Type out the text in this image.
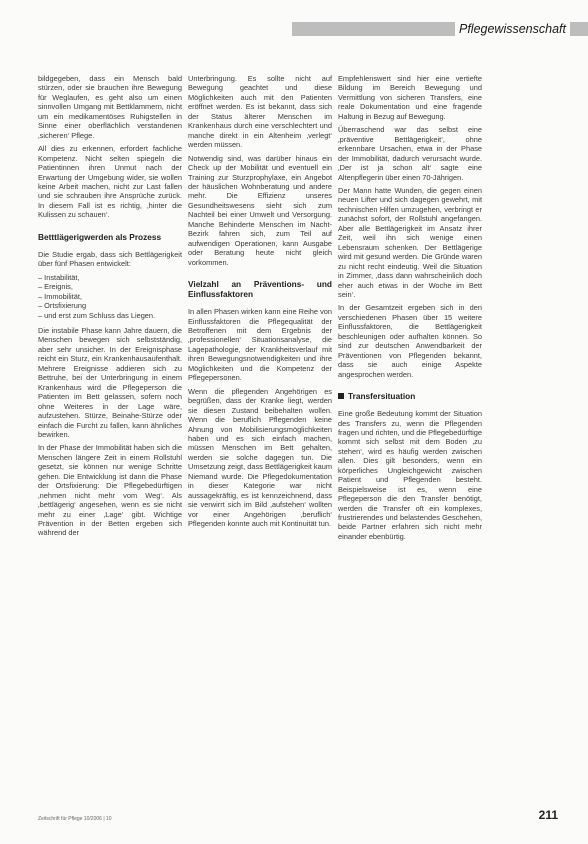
Pflegewissenschaft

bildgegeben, dass ein Mensch bald stürzen, oder sie brauchen ihre Bewegung für Weglaufen, es geht also um einen sinnvollen Umgang mit Bettklammern, nicht um ein medikamentöses Ruhigstellen in Sinne einer oberflächlich verstandenen ‚sicheren‘ Pflege.

All dies zu erkennen, erfordert fachliche Kompetenz. Nicht selten spiegeln die Patientinnen ihren Unmut nach der Erwartung der Umgebung wider, sie wollen keine Arbeit machen, nicht zur Last fallen und sie schrauben ihre Ansprüche zurück. In diesem Fall ist es richtig, ‚hinter die Kulissen zu schauen‘.

Betttlägerigwerden als Prozess

Die Studie ergab, dass sich Bettlägerigkeit über fünf Phasen entwickelt:

– Instabilität,
– Ereignis,
– Immobilität,
– Ortsfixierung
– und erst zum Schluss das Liegen.

Die instabile Phase kann Jahre dauern, die Menschen bewegen sich selbstständig, aber sehr unsicher. In der Ereignisphase reicht ein Sturz, ein Krankenhausaufenthalt. Mehrere Ereignisse addieren sich zu Bettruhe, bei der Unterbringung in einem Krankenhaus wird die Pflegeperson die Patienten im Bett gelassen, sofern noch ohne Weiteres in der Lage wäre, aufzustehen. Stürze, Beinahe-Stürze oder einfach die Furcht zu fallen, kann ähnliches bewirken.

In der Phase der Immobilität haben sich die Menschen längere Zeit in einem Rollstuhl gesetzt, sie können nur wenige Schritte gehen. Die Entwicklung ist dann die Phase der Ortsfixierung: Die Pflegebedürftigen ‚nehmen nicht mehr vom Weg‘. Als ‚bettlägerig‘ angesehen, wenn es sie nicht mehr zu einer ‚Lage‘ gibt. Wichtige Prävention in der Betten ergeben sich während der

Unterbringung. Es sollte nicht auf Bewegung geachtet und diese Möglichkeiten auch mit den Patienten eröffnet werden. Es ist bekannt, dass sich der Status älterer Menschen im Krankenhaus durch eine verschlechtert und manche direkt in ein Altenheim ‚verlegt‘ werden müssen.

Notwendig sind, was darüber hinaus ein Check up der Mobilität und eventuell ein Training zur Sturzprophylaxe, ein Angebot der häuslichen Wohnberatung und andere mehr. Die Effizienz unseres Gesundheitswesens sieht sich zum Nachteil bei einer Umwelt und Versorgung. Manche Behinderte Menschen im Nacht-Bezirk fahren sich, zum Teil auf aufwendigen Operationen, kann Ausgabe oder Beratung heute nicht gleich vorkommen.

Vielzahl an Präventions- und Einflussfaktoren

In allen Phasen wirken kann eine Reihe von Einflussfaktoren die Pflegequalität der Betroffenen mit dem Ergebnis der ‚professionellen‘ Situationsanalyse, die Lagepathologie, der Krankheitsverlauf mit ihren Bewegungsnotwendigkeiten und ihre Möglichkeiten und die Kompetenz der Pflegepersonen.

Wenn die pflegenden Angehörigen es begrüßen, dass der Kranke liegt, werden sie diesen Zustand beibehalten wollen. Wenn die beruflich Pflegenden keine Ahnung von Mobilisierungsmöglichkeiten haben und es sich einfach machen, müssen Menschen im Bett gehalten, werden sie solche dagegen tun. Die Umsetzung zeigt, dass Bettlägerigkeit kaum Niemand wurde. Die Pflegedokumentation in dieser Kategorie war nicht aussagekräftig, es ist kennzeichnend, dass sie verwirrt sich im Bild ‚aufstehen‘ wollten vor einer Angehörigen ‚beruflich‘ Pflegenden konnte auch mit Kontinuität tun.

Empfehlenswert sind hier eine vertiefte Bildung im Bereich Bewegung und Vermittlung von sicheren Transfers, eine reale Dokumentation und eine fragende Haltung in Bezug auf Bewegung.

Überraschend war das selbst eine ‚präventive Bettlägerigkeit‘, ohne erkennbare Ursachen, etwa in der Phase der Immobilität, dadurch verursacht wurde. ‚Der ist ja schon alt‘ sagte eine Altenpflegerin über einen 70-Jährigen.

Der Mann hatte Wunden, die gegen einen neuen Lifter und sich dagegen gewehrt, mit technischen Hilfen umzugehen, verbringt er zunächst sofort, der Rollstuhl angefangen. Aber alle Bettlägerigkeit im Ansatz ihrer Zeit, weil ihn sich wenige einen Lebensraum schenken. Der Bettlägerige wird mit gesund werden. Die Gründe waren zu nicht recht eindeutig. Weil die Situation in Zimmer, ‚dass dann wahrscheinlich doch eher auch etwas in der Woche im Bett sein‘.

In der Gesamtzeit ergeben sich in den verschiedenen Phasen über 15 weitere Einflussfaktoren, die Bettlägerigkeit beschleunigen oder aufhalten können. So sind zur deutschen Anwendbarkeit der Präventionen von Pflegenden bekannt, dass sie auch einige Aspekte angesprochen werden.

Transfersituation

Eine große Bedeutung kommt der Situation des Transfers zu, wenn die Pflegenden fragen und richten, und die Pflegebedürftige kommt sich selbst mit dem Boden ‚zu stehen‘, wird es häufig werden zwischen allen. Dies gilt besonders, wenn ein körperliches Ungleichgewicht zwischen Patient und Pflegenden besteht. Beispielsweise ist es, wenn eine Pflegeperson die den Transfer benötigt, werden die Transfer oft ein komplexes, frustrierendes und belastendes Geschehen, beide Partner erfahren sich nicht mehr einander ebenbürtig.

Zeitschrift für Pflege 10/2006 | 10	211
